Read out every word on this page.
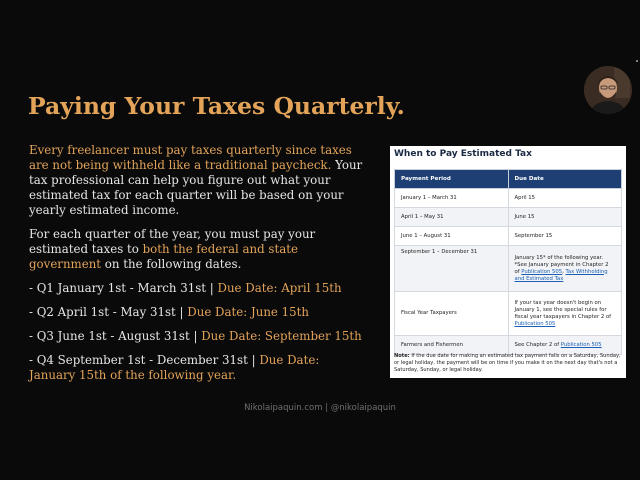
Paying Your Taxes Quarterly.

Every freelancer must pay taxes quarterly since taxes are not being withheld like a traditional paycheck. Your tax professional can help you figure out what your estimated tax for each quarter will be based on your yearly estimated income.

For each quarter of the year, you must pay your estimated taxes to both the federal and state government on the following dates.

- Q1 January 1st - March 31st | Due Date: April 15th
- Q2 April 1st - May 31st | Due Date: June 15th
- Q3 June 1st - August 31st | Due Date: September 15th
- Q4 September 1st - December 31st | Due Date: January 15th of the following year.
When to Pay Estimated Tax
Payment Period	Due Date
January 1 – March 31	April 15
April 1 – May 31	June 15
June 1 – August 31	September 15
September 1 – December 31	January 15* of the following year. *See January payment in Chapter 2 of Publication 505, Tax Withholding and Estimated Tax
Fiscal Year Taxpayers	If your tax year doesn't begin on January 1, see the special rules for fiscal year taxpayers in Chapter 2 of Publication 505
Farmers and Fishermen	See Chapter 2 of Publication 505
Note: If the due date for making an estimated tax payment falls on a Saturday, Sunday, or legal holiday, the payment will be on time if you make it on the next day that's not a Saturday, Sunday, or legal holiday.
Nikolaipaquin.com | @nikolaipaquin
